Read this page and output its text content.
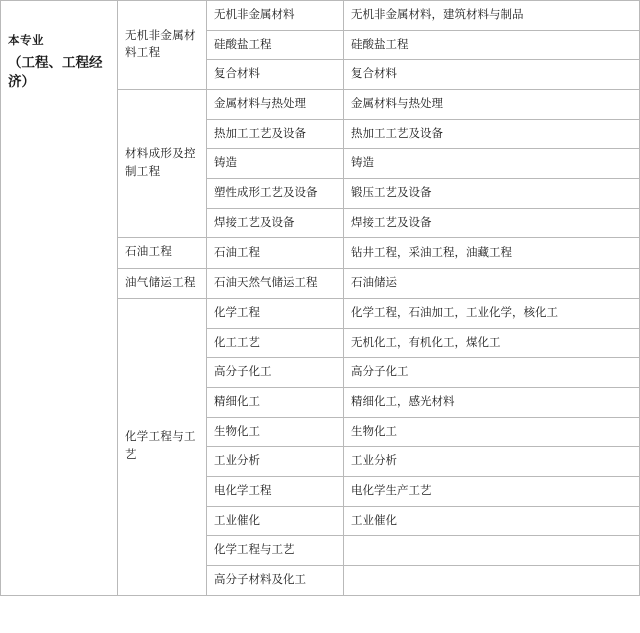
本专业
（工程、工程经济）	无机非金属材料工程	无机非金属材料	无机非金属材料，建筑材料与制品
		硅酸盐工程	硅酸盐工程
		复合材料	复合材料

	材料成形及控制工程	金属材料与热处理	金属材料与热处理
		热加工工艺及设备	热加工工艺及设备
		铸造	铸造
		塑性成形工艺及设备	锻压工艺及设备
		焊接工艺及设备	焊接工艺及设备

	石油工程	石油工程	钻井工程，采油工程，油藏工程

	油气储运工程	石油天然气储运工程	石油储运

	化学工程与工艺	化学工程	化学工程，石油加工，工业化学，核化工
		化工工艺	无机化工，有机化工，煤化工
		高分子化工	高分子化工
		精细化工	精细化工，感光材料
		生物化工	生物化工
		工业分析	工业分析
		电化学工程	电化学生产工艺
		工业催化	工业催化
		化学工程与工艺	
		高分子材料及化工	
